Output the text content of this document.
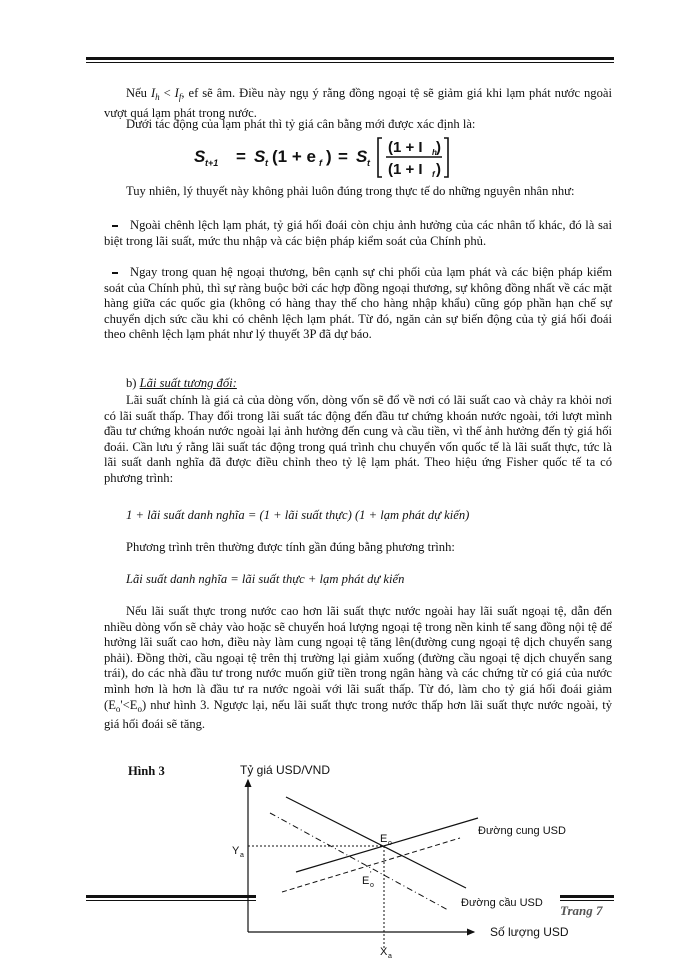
Nếu $I_h < I_f$, ef sẽ âm. Điều này ngụ ý rằng đồng ngoại tệ sẽ giảm giá khi lạm phát nước ngoài vượt quá lạm phát trong nước.
Dưới tác động của lạm phát thì tỷ giá cân bằng mới được xác định là:
S t+1 = S t (1 + e f ) = S t
(1 + I h
(1 + I f
)
)
Tuy nhiên, lý thuyết này không phải luôn đúng trong thực tế do những nguyên nhân như:
Ngoài chênh lệch lạm phát, tỷ giá hối đoái còn chịu ảnh hưởng của các nhân tố khác, đó là sai biệt trong lãi suất, mức thu nhập và các biện pháp kiểm soát của Chính phủ.
Ngay trong quan hệ ngoại thương, bên cạnh sự chi phối của lạm phát và các biện pháp kiểm soát của Chính phủ, thì sự ràng buộc bởi các hợp đồng ngoại thương, sự không đồng nhất về các mặt hàng giữa các quốc gia (không có hàng thay thế cho hàng nhập khẩu) cũng góp phần hạn chế sự chuyển dịch sức cầu khi có chênh lệch lạm phát. Từ đó, ngăn cản sự biến động của tỷ giá hối đoái theo chênh lệch lạm phát như lý thuyết 3P đã dự báo.
b) Lãi suất tương đối:
Lãi suất chính là giá cả của dòng vốn, dòng vốn sẽ đổ về nơi có lãi suất cao và chảy ra khỏi nơi có lãi suất thấp. Thay đổi trong lãi suất tác động đến đầu tư chứng khoán nước ngoài, tới lượt mình đầu tư chứng khoán nước ngoài lại ảnh hưởng đến cung và cầu tiền, vì thế ảnh hưởng đến tỷ giá hối đoái. Cần lưu ý rằng lãi suất tác động trong quá trình chu chuyển vốn quốc tế là lãi suất thực, tức là lãi suất danh nghĩa đã được điều chỉnh theo tỷ lệ lạm phát. Theo hiệu ứng Fisher quốc tế ta có phương trình:
1 + lãi suất danh nghĩa = (1 + lãi suất thực) (1 + lạm phát dự kiến)
Phương trình trên thường được tính gần đúng bằng phương trình:
Lãi suất danh nghĩa = lãi suất thực + lạm phát dự kiến
Nếu lãi suất thực trong nước cao hơn lãi suất thực nước ngoài hay lãi suất ngoại tệ, dẫn đến nhiều dòng vốn sẽ chảy vào hoặc sẽ chuyển hoá lượng ngoại tệ trong nền kinh tế sang đồng nội tệ để hưởng lãi suất cao hơn, điều này làm cung ngoại tệ tăng lên(đường cung ngoại tệ dịch chuyển sang phải). Đồng thời, cầu ngoại tệ trên thị trường lại giảm xuống (đường cầu ngoại tệ dịch chuyển sang trái), do các nhà đầu tư trong nước muốn giữ tiền trong ngân hàng và các chứng từ có giá của nước mình hơn là hơn là đầu tư ra nước ngoài với lãi suất thấp. Từ đó, làm cho tỷ giá hối đoái giảm $(E_o'<E_o)$ như hình 3. Ngược lại, nếu lãi suất thực trong nước thấp hơn lãi suất thực nước ngoài, tỷ giá hối đoái sẽ tăng.
Hình 3	Tỷ giá USD/VND
Số lượng USD
Y a
X a
E o
E
'
o
Đường cung USD
Đường cầu USD Trang 7
